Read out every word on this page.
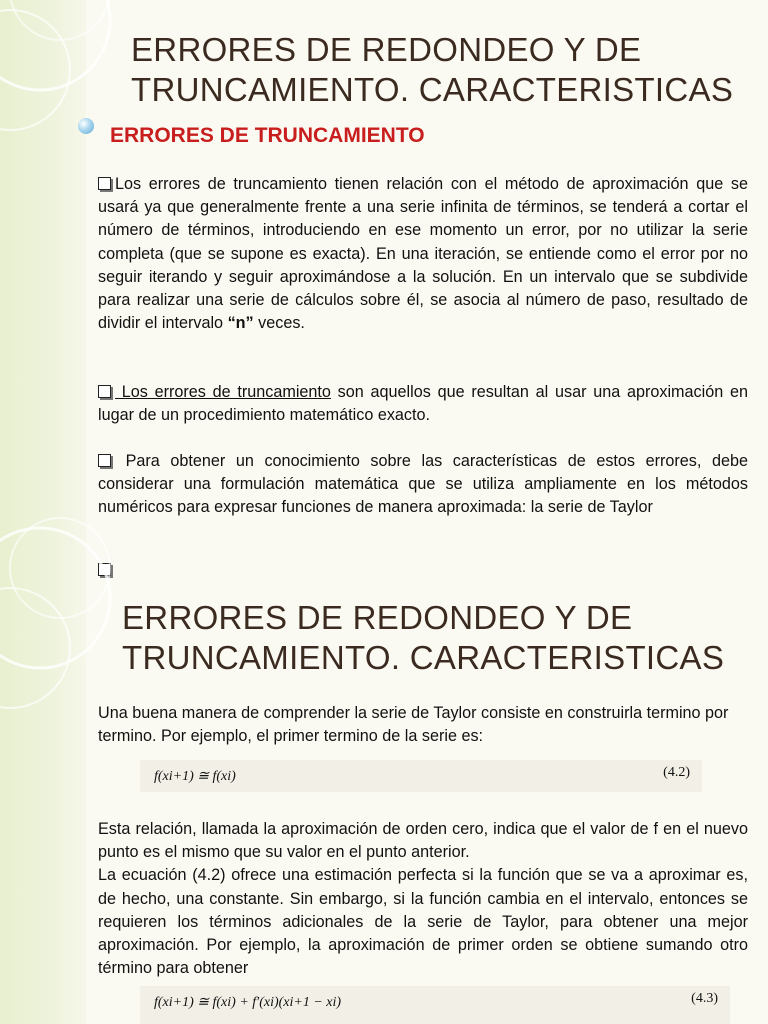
ERRORES DE REDONDEO Y DE
TRUNCAMIENTO. CARACTERISTICAS
ERRORES DE TRUNCAMIENTO

Los errores de truncamiento tienen relación con el método de aproximación que se usará ya que generalmente frente a una serie infinita de términos, se tenderá a cortar el número de términos, introduciendo en ese momento un error, por no utilizar la serie completa (que se supone es exacta). En una iteración, se entiende como el error por no seguir iterando y seguir aproximándose a la solución. En un intervalo que se subdivide para realizar una serie de cálculos sobre él, se asocia al número de paso, resultado de dividir el intervalo “n” veces.

Los errores de truncamiento son aquellos que resultan al usar una aproximación en lugar de un procedimiento matemático exacto.

Para obtener un conocimiento sobre las características de estos errores, debe considerar una formulación matemática que se utiliza ampliamente en los métodos numéricos para expresar funciones de manera aproximada: la serie de Taylor

ERRORES DE REDONDEO Y DE
TRUNCAMIENTO. CARACTERISTICAS

Una buena manera de comprender la serie de Taylor consiste en construirla termino por termino. Por ejemplo, el primer termino de la serie es:

f(xi+1) ≅ f(xi)	(4.2)

Esta relación, llamada la aproximación de orden cero, indica que el valor de f en el nuevo punto es el mismo que su valor en el punto anterior.
La ecuación (4.2) ofrece una estimación perfecta si la función que se va a aproximar es, de hecho, una constante. Sin embargo, si la función cambia en el intervalo, entonces se requieren los términos adicionales de la serie de Taylor, para obtener una mejor aproximación. Por ejemplo, la aproximación de primer orden se obtiene sumando otro término para obtener

f(xi+1) ≅ f(xi) + f′(xi)(xi+1 − xi)	(4.3)
